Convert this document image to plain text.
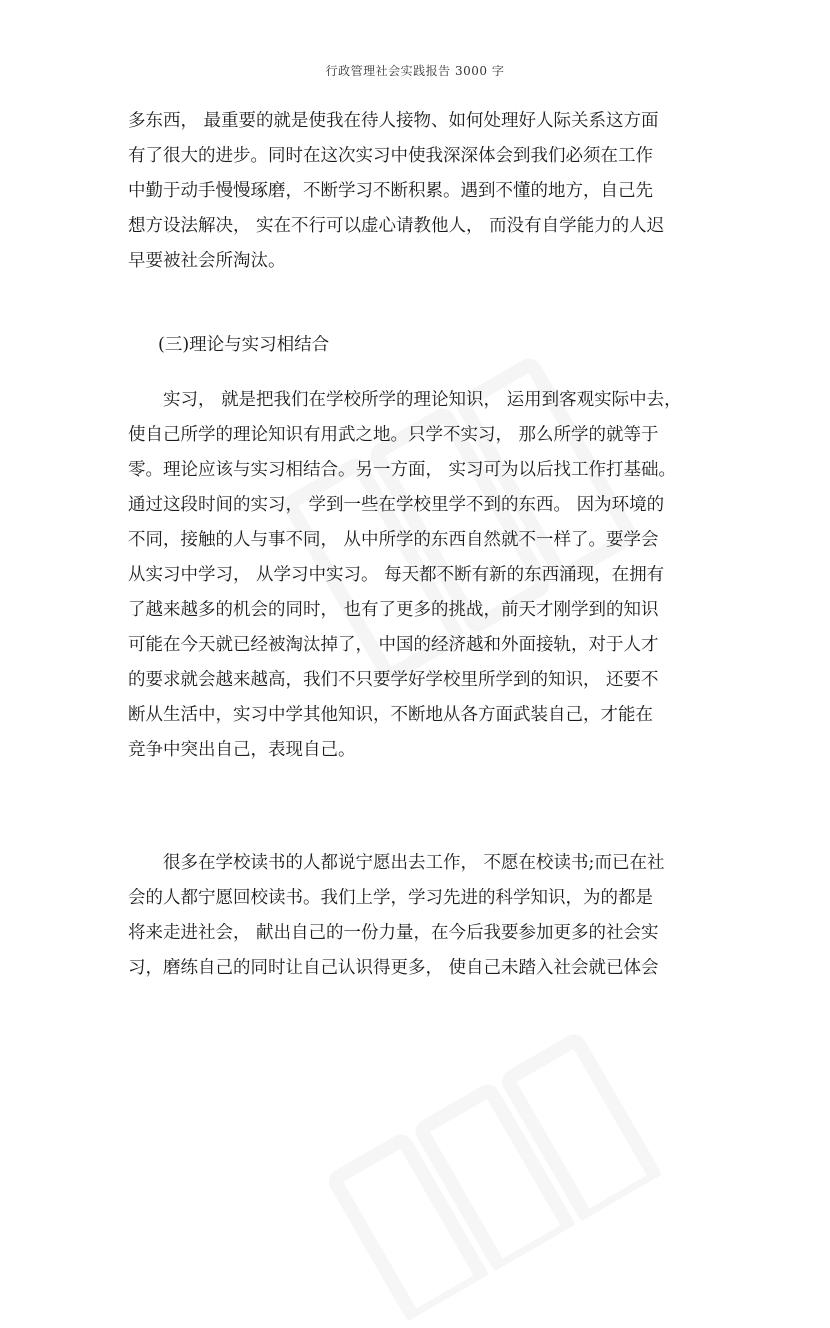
行政管理社会实践报告 3000 字
多东西， 最重要的就是使我在待人接物、如何处理好人际关系这方面
有了很大的进步。同时在这次实习中使我深深体会到我们必须在工作
中勤于动手慢慢琢磨，不断学习不断积累。遇到不懂的地方，自己先
想方设法解决， 实在不行可以虚心请教他人， 而没有自学能力的人迟
早要被社会所淘汰。
(三)理论与实习相结合
实习， 就是把我们在学校所学的理论知识， 运用到客观实际中去，
使自己所学的理论知识有用武之地。只学不实习， 那么所学的就等于
零。理论应该与实习相结合。另一方面， 实习可为以后找工作打基础。
通过这段时间的实习， 学到一些在学校里学不到的东西。 因为环境的
不同，接触的人与事不同， 从中所学的东西自然就不一样了。要学会
从实习中学习， 从学习中实习。 每天都不断有新的东西涌现，在拥有
了越来越多的机会的同时， 也有了更多的挑战，前天才刚学到的知识
可能在今天就已经被淘汰掉了， 中国的经济越和外面接轨，对于人才
的要求就会越来越高，我们不只要学好学校里所学到的知识， 还要不
断从生活中，实习中学其他知识，不断地从各方面武装自己，才能在
竞争中突出自己，表现自己。
很多在学校读书的人都说宁愿出去工作， 不愿在校读书;而已在社
会的人都宁愿回校读书。我们上学，学习先进的科学知识，为的都是
将来走进社会， 献出自己的一份力量，在今后我要参加更多的社会实
习，磨练自己的同时让自己认识得更多， 使自己未踏入社会就已体会
